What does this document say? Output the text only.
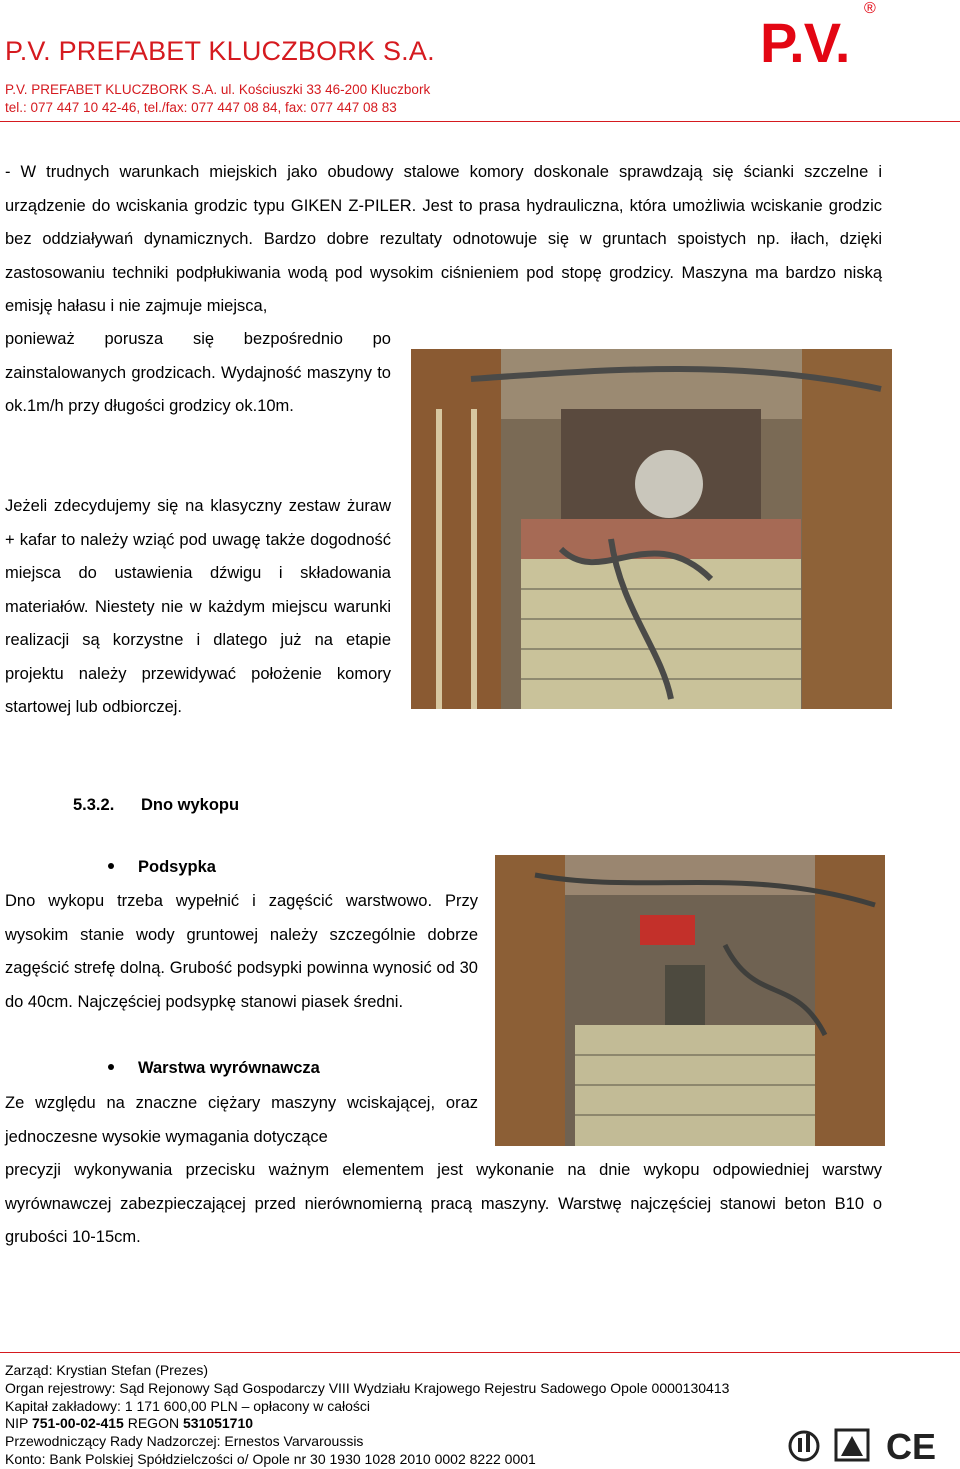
P.V. PREFABET KLUCZBORK S.A.
P.V. PREFABET KLUCZBORK S.A. ul. Kościuszki 33 46-200 Kluczbork
tel.: 077 447 10 42-46, tel./fax: 077 447 08 84, fax: 077 447 08 83
P.V.
®
- W trudnych warunkach miejskich jako obudowy stalowe komory doskonale sprawdzają się ścianki szczelne i urządzenie do wciskania grodzic typu GIKEN Z-PILER. Jest to prasa hydrauliczna, która umożliwia wciskanie grodzic bez oddziaływań dynamicznych. Bardzo dobre rezultaty odnotowuje się w gruntach spoistych np. iłach, dzięki zastosowaniu techniki podpłukiwania wodą pod wysokim ciśnieniem pod stopę grodzicy. Maszyna ma bardzo niską emisję hałasu i nie zajmuje miejsca,
ponieważ porusza się bezpośrednio po zainstalowanych grodzicach. Wydajność maszyny to ok.1m/h przy długości grodzicy ok.10m.
Jeżeli zdecydujemy się na klasyczny zestaw żuraw + kafar to należy wziąć pod uwagę także dogodność miejsca do ustawienia dźwigu i składowania materiałów. Niestety nie w każdym miejscu warunki realizacji są korzystne i dlatego już na etapie projektu należy przewidywać położenie komory startowej lub odbiorczej.
5.3.2. Dno wykopu
Podsypka
Dno wykopu trzeba wypełnić i zagęścić warstwowo. Przy wysokim stanie wody gruntowej należy szczególnie dobrze zagęścić strefę dolną. Grubość podsypki powinna wynosić od 30 do 40cm. Najczęściej podsypkę stanowi piasek średni.
Warstwa wyrównawcza
Ze względu na znaczne ciężary maszyny wciskającej, oraz jednoczesne wysokie wymagania dotyczące
precyzji wykonywania przecisku ważnym elementem jest wykonanie na dnie wykopu odpowiedniej warstwy wyrównawczej zabezpieczającej przed nierównomierną pracą maszyny. Warstwę najczęściej stanowi beton B10 o grubości 10-15cm.
Zarząd: Krystian Stefan (Prezes)
Organ rejestrowy: Sąd Rejonowy Sąd Gospodarczy VIII Wydziału Krajowego Rejestru Sadowego Opole 0000130413
Kapitał zakładowy: 1 171 600,00 PLN – opłacony w całości
NIP 751-00-02-415 REGON 531051710
Przewodniczący Rady Nadzorczej: Ernestos Varvaroussis
Konto: Bank Polskiej Spółdzielczości o/ Opole nr 30 1930 1028 2010 0002 8222 0001	CE
